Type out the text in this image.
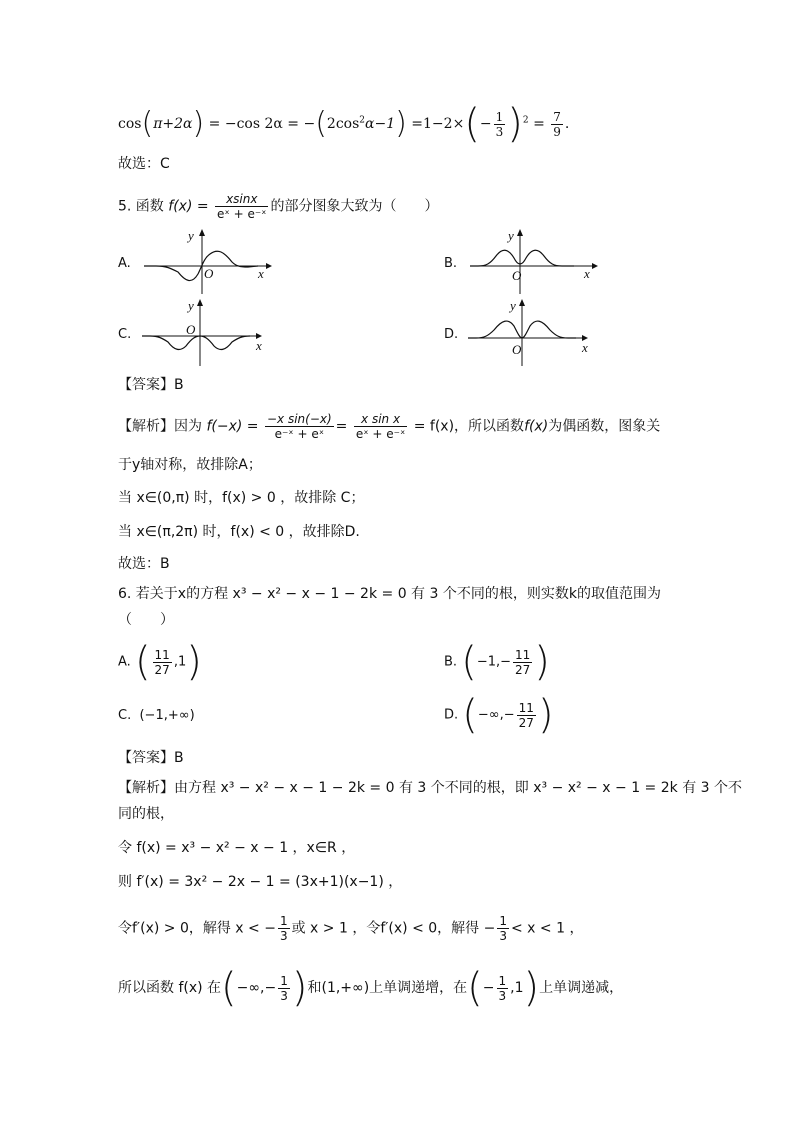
cos(π+2α) = −cos $2\alpha = -(2\cos^2\alpha-1) =1-2\times(- \frac{1}{3} )^2 = \frac{7}{9}$ .
故选：C
5. 函数 $f(x) = \frac{xsinx}{\text{eˣ + e⁻ˣ}}$ 的部分图象大致为（　　）
A.
y
x
O
B.
y
x
O
C.
y
x
O	D.
y
x
O
【答案】B
【解析】因为 $f(-x) = \frac{\text{−x sin(−x)}}{\text{e⁻ˣ + eˣ}} = \frac{\text{x sin x}}{\text{eˣ + e⁻ˣ}} = f(x)$，所以函数f(x)为偶函数，图象关
于y轴对称，故排除A；
当 x∈(0,π) 时，f(x) > 0 ，故排除 C；
当 x∈(π,2π) 时，f(x) < 0 ，故排除D.
故选：B
6. 若关于x的方程 x³ − x² − x − 1 − 2k = 0 有 3 个不同的根，则实数k的取值范围为
（　　）
A. ( $\frac{11}{27} ,1$)	B. ($-1,- \frac{11}{27}$ )
C. (−1,+∞)	D. (−∞,− $\frac{11}{27}$ )
【答案】B
【解析】由方程 x³ − x² − x − 1 − 2k = 0 有 3 个不同的根，即 x³ − x² − x − 1 = 2k 有 3 个不
同的根，
令 f(x) = x³ − x² − x − 1 ，x∈R ，
则 f′(x) = 3x² − 2x − 1 = (3x+1)(x−1) ，
令f′(x) > 0，解得 x < − $\frac{1}{3}$ 或 x > 1 ，令f′(x) < 0，解得 − $\frac{1}{3} < x < 1$ ，
所以函数 f(x) 在(−∞,− $\frac{1}{3}$ )和(1,+∞)上单调递增，在(− $\frac{1}{3} ,1$)上单调递减，
